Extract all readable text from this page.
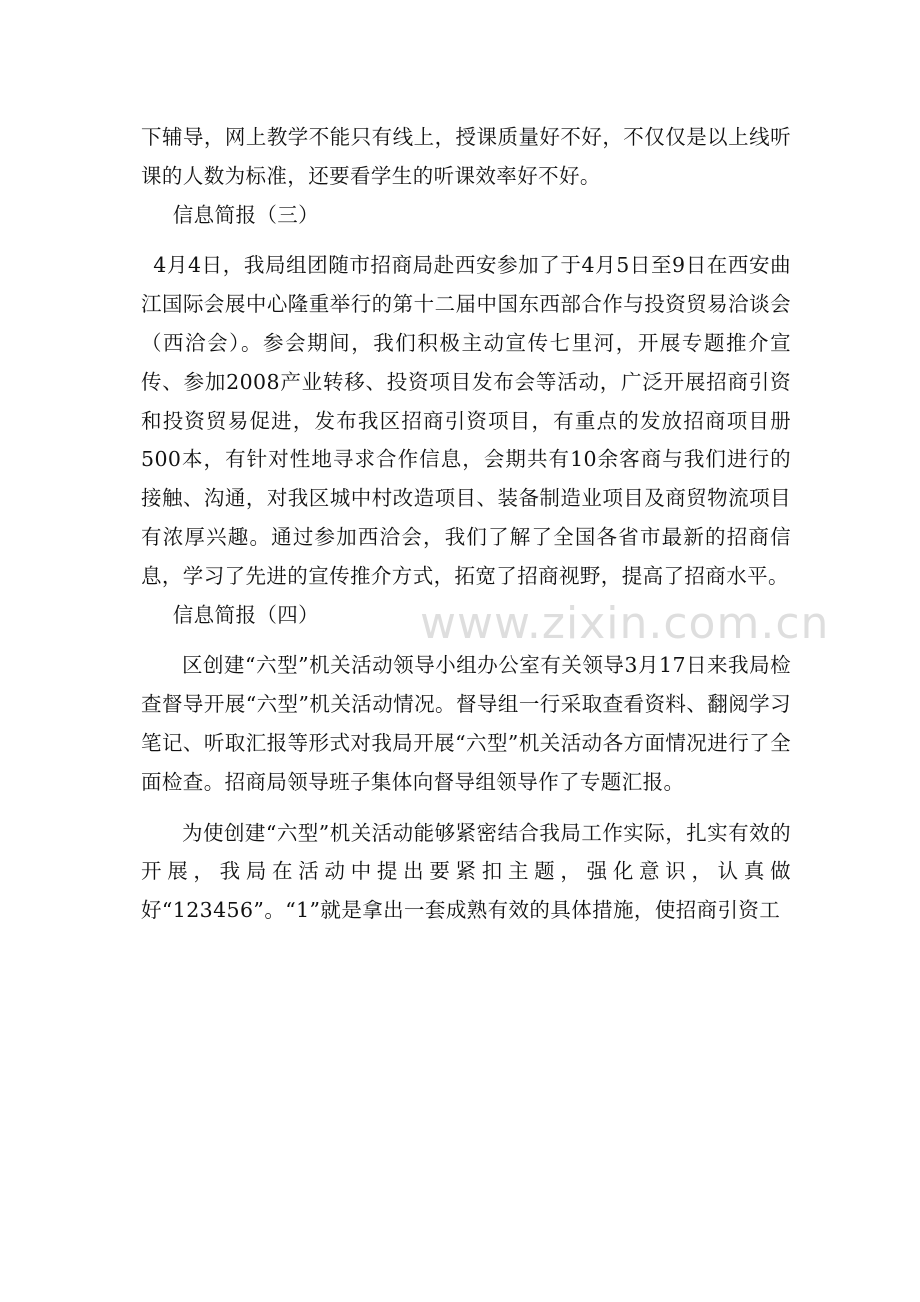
下辅导，网上教学不能只有线上，授课质量好不好，不仅仅是以上线听课的人数为标准，还要看学生的听课效率好不好。

信息简报（三）

4月4日，我局组团随市招商局赴西安参加了于4月5日至9日在西安曲江国际会展中心隆重举行的第十二届中国东西部合作与投资贸易洽谈会（西洽会）。参会期间，我们积极主动宣传七里河，开展专题推介宣传、参加2008产业转移、投资项目发布会等活动，广泛开展招商引资和投资贸易促进，发布我区招商引资项目，有重点的发放招商项目册500本，有针对性地寻求合作信息，会期共有10余客商与我们进行的接触、沟通，对我区城中村改造项目、装备制造业项目及商贸物流项目有浓厚兴趣。通过参加西洽会，我们了解了全国各省市最新的招商信息，学习了先进的宣传推介方式，拓宽了招商视野，提高了招商水平。

信息简报（四）

区创建“六型”机关活动领导小组办公室有关领导3月17日来我局检查督导开展“六型”机关活动情况。督导组一行采取查看资料、翻阅学习笔记、听取汇报等形式对我局开展“六型”机关活动各方面情况进行了全面检查。招商局领导班子集体向督导组领导作了专题汇报。

为使创建“六型”机关活动能够紧密结合我局工作实际，扎实有效的开展，我局在活动中提出要紧扣主题，强化意识，认真做好“123456”。“1”就是拿出一套成熟有效的具体措施，使招商引资工

www.zixin.com.cn
